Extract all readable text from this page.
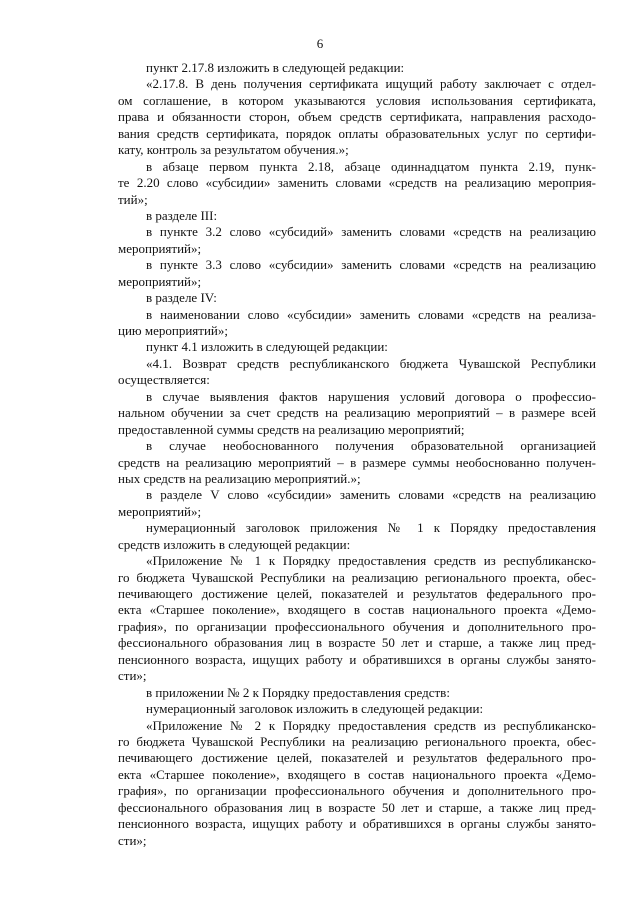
6
пункт 2.17.8 изложить в следующей редакции:
«2.17.8. В день получения сертификата ищущий работу заключает с отдел-
ом соглашение, в котором указываются условия использования сертификата,
права и обязанности сторон, объем средств сертификата, направления расходо-
вания средств сертификата, порядок оплаты образовательных услуг по сертифи-
кату, контроль за результатом обучения.»;
в абзаце первом пункта 2.18, абзаце одиннадцатом пункта 2.19, пунк-
те 2.20 слово «субсидии» заменить словами «средств на реализацию мероприя-
тий»;
в разделе III:
в пункте 3.2 слово «субсидий» заменить словами «средств на реализацию
мероприятий»;
в пункте 3.3 слово «субсидии» заменить словами «средств на реализацию
мероприятий»;
в разделе IV:
в наименовании слово «субсидии» заменить словами «средств на реализа-
цию мероприятий»;
пункт 4.1 изложить в следующей редакции:
«4.1. Возврат средств республиканского бюджета Чувашской Республики
осуществляется:
в случае выявления фактов нарушения условий договора о профессио-
нальном обучении за счет средств на реализацию мероприятий – в размере всей
предоставленной суммы средств на реализацию мероприятий;
в случае необоснованного получения образовательной организацией
средств на реализацию мероприятий – в размере суммы необоснованно получен-
ных средств на реализацию мероприятий.»;
в разделе V слово «субсидии» заменить словами «средств на реализацию
мероприятий»;
нумерационный заголовок приложения № 1 к Порядку предоставления
средств изложить в следующей редакции:
«Приложение № 1 к Порядку предоставления средств из республиканско-
го бюджета Чувашской Республики на реализацию регионального проекта, обес-
печивающего достижение целей, показателей и результатов федерального про-
екта «Старшее поколение», входящего в состав национального проекта «Демо-
графия», по организации профессионального обучения и дополнительного про-
фессионального образования лиц в возрасте 50 лет и старше, а также лиц пред-
пенсионного возраста, ищущих работу и обратившихся в органы службы занято-
сти»;
в приложении № 2 к Порядку предоставления средств:
нумерационный заголовок изложить в следующей редакции:
«Приложение № 2 к Порядку предоставления средств из республиканско-
го бюджета Чувашской Республики на реализацию регионального проекта, обес-
печивающего достижение целей, показателей и результатов федерального про-
екта «Старшее поколение», входящего в состав национального проекта «Демо-
графия», по организации профессионального обучения и дополнительного про-
фессионального образования лиц в возрасте 50 лет и старше, а также лиц пред-
пенсионного возраста, ищущих работу и обратившихся в органы службы занято-
сти»;
